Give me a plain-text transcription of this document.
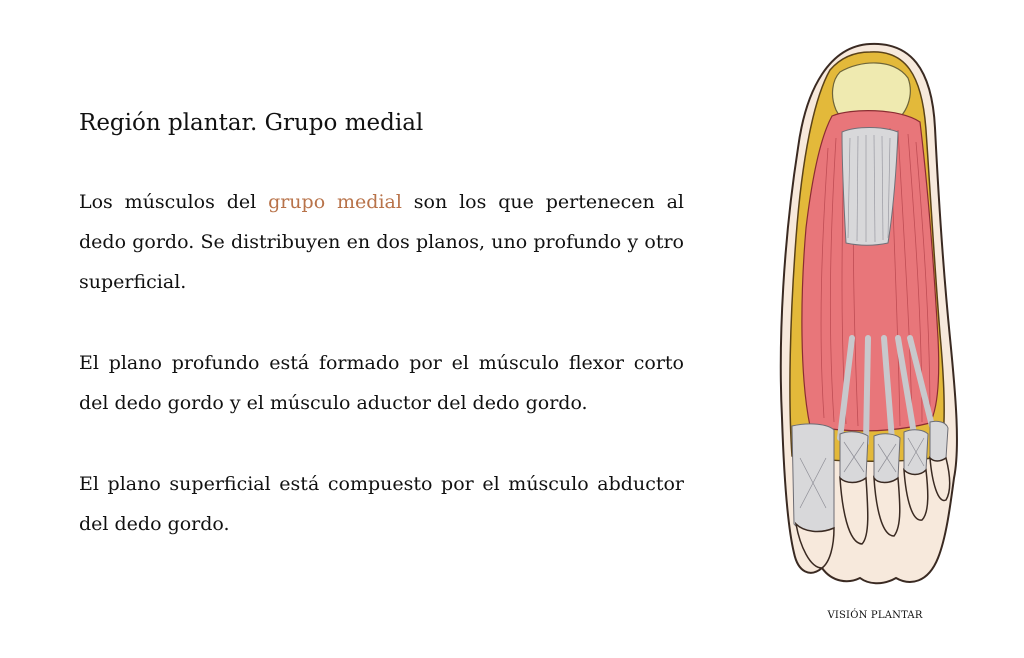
Región plantar. Grupo medial

Los músculos del grupo medial son los que pertenecen al dedo gordo. Se distribuyen en dos planos, uno profundo y otro superficial.

El plano profundo está formado por el músculo flexor corto del dedo gordo y el músculo aductor del dedo gordo.

El plano superficial está compuesto por el músculo abductor del dedo gordo.

VISIÓN PLANTAR
